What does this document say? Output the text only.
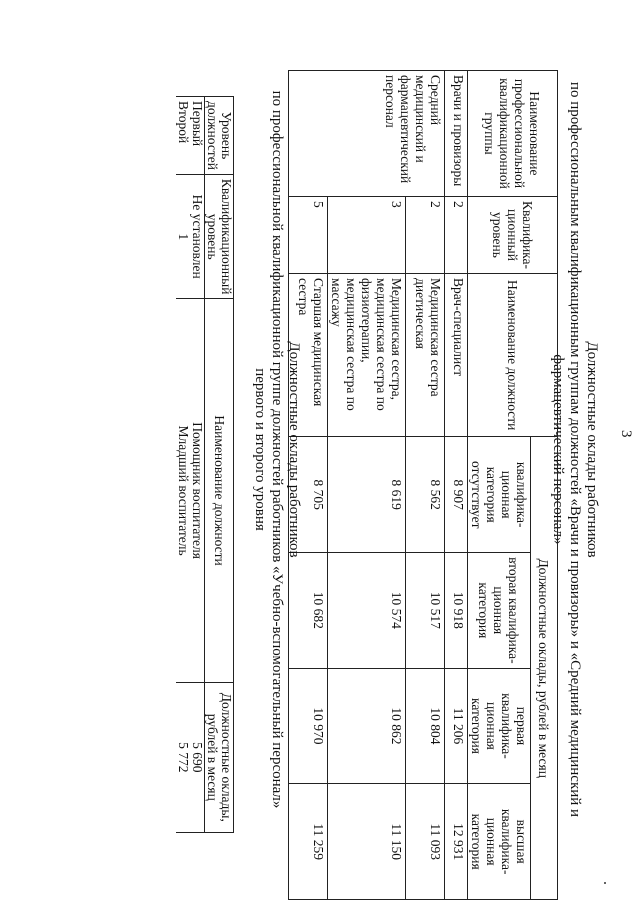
3
Должностные оклады работников
по профессиональным квалификационным группам должностей «Врачи и провизоры» и «Средний медицинский и
фармацевтический персонал»
Наименование профессиональной квалификационной группы	Квалифика-ционный уровень	Наименование должности	Должностные оклады, рублей в месяц			
			квалифика-ционная категория отсутствует	вторая квалифика-ционная категория	первая квалифика-ционная категория	высшая квалифика-ционная категория
Врачи и провизоры	2	Врач-специалист	8 907	10 918	11 206	12 931
Средний медицинский и фармацевтический персонал	2	Медицинская сестра диетическая	8 562	10 517	10 804	11 093
	3	Медицинская сестра, медицинская сестра по физиотерапии, медицинская сестра по массажу	8 619	10 574	10 862	11 150
	5	Старшая медицинская сестра	8 705	10 682	10 970	11 259
Должностные оклады работников
по профессиональной квалификационной группе должностей работников «Учебно-вспомогательный персонал»
первого и второго уровня
Уровень должностей	Квалификационный уровень	Наименование должности	Должностные оклады, рублей в месяц
Первый	Не установлен	Помощник воспитателя	5 690
Второй	1	Младший воспитатель	5 772
